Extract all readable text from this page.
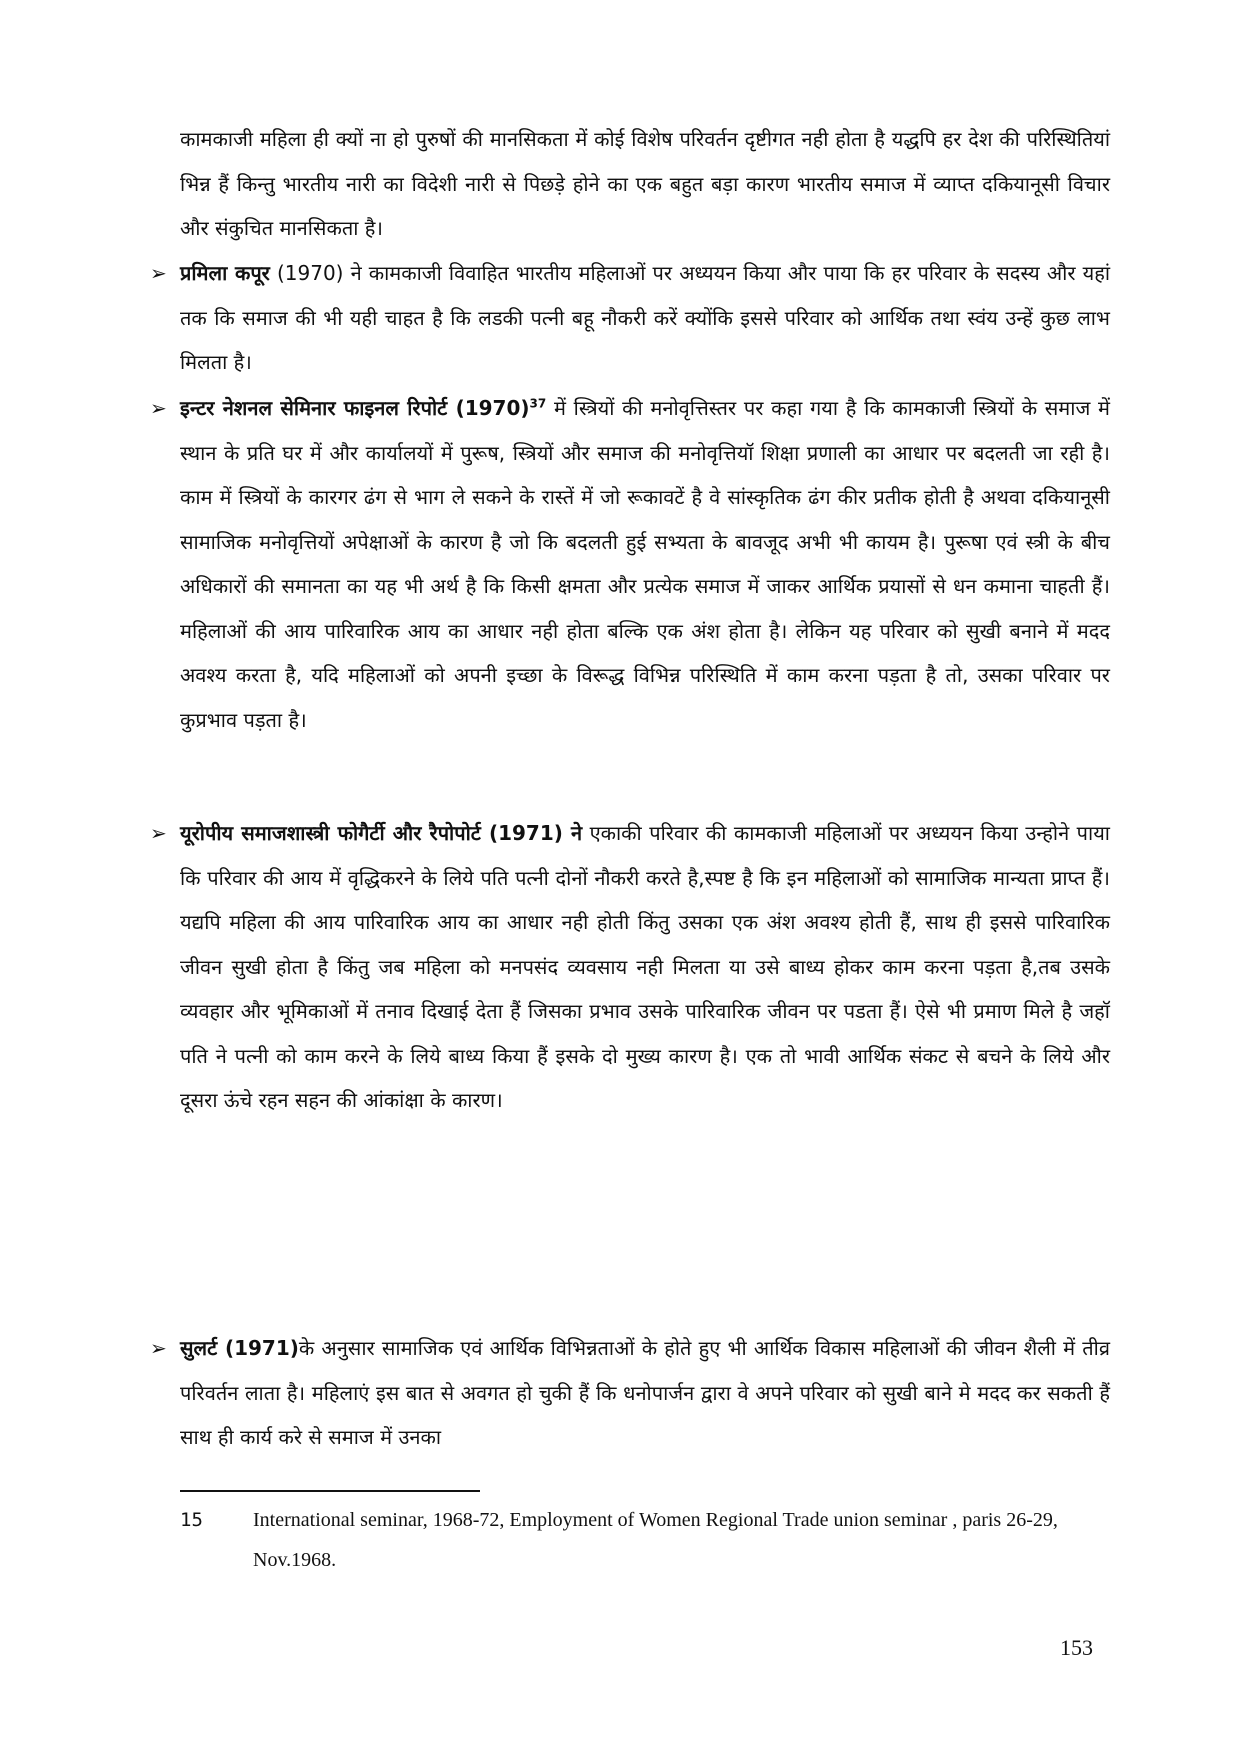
कामकाजी महिला ही क्यों ना हो पुरुषों की मानसिकता में कोई विशेष परिवर्तन दृष्टीगत नही होता है यद्धपि हर देश की परिस्थितियां भिन्न हैं किन्तु भारतीय नारी का विदेशी नारी से पिछड़े होने का एक बहुत बड़ा कारण भारतीय समाज में व्याप्त दकियानूसी विचार और संकुचित मानसिकता है।

➢ प्रमिला कपूर (1970) ने कामकाजी विवाहित भारतीय महिलाओं पर अध्ययन किया और पाया कि हर परिवार के सदस्य और यहां तक कि समाज की भी यही चाहत है कि लडकी पत्नी बहू नौकरी करें क्योंकि इससे परिवार को आर्थिक तथा स्वंय उन्हें कुछ लाभ मिलता है।

➢ इन्टर नेशनल सेमिनार फाइनल रिपोर्ट $(1970)^{37}$ में स्त्रियों की मनोवृत्तिस्तर पर कहा गया है कि कामकाजी स्त्रियों के समाज में स्थान के प्रति घर में और कार्यालयों में पुरूष, स्त्रियों और समाज की मनोवृत्तियॉ शिक्षा प्रणाली का आधार पर बदलती जा रही है। काम में स्त्रियों के कारगर ढंग से भाग ले सकने के रास्तें में जो रूकावटें है वे सांस्कृतिक ढंग कीर प्रतीक होती है अथवा दकियानूसी सामाजिक मनोवृत्तियों अपेक्षाओं के कारण है जो कि बदलती हुई सभ्यता के बावजूद अभी भी कायम है। पुरूषा एवं स्त्री के बीच अधिकारों की समानता का यह भी अर्थ है कि किसी क्षमता और प्रत्येक समाज में जाकर आर्थिक प्रयासों से धन कमाना चाहती हैं। महिलाओं की आय पारिवारिक आय का आधार नही होता बल्कि एक अंश होता है। लेकिन यह परिवार को सुखी बनाने में मदद अवश्य करता है, यदि महिलाओं को अपनी इच्छा के विरूद्ध विभिन्न परिस्थिति में काम करना पड़ता है तो, उसका परिवार पर कुप्रभाव पड़ता है।

➢ यूरोपीय समाजशास्त्री फोगैर्टी और रैपोपोर्ट (1971) ने एकाकी परिवार की कामकाजी महिलाओं पर अध्ययन किया उन्होने पाया कि परिवार की आय में वृद्धिकरने के लिये पति पत्नी दोनों नौकरी करते है,स्पष्ट है कि इन महिलाओं को सामाजिक मान्यता प्राप्त हैं। यद्यपि महिला की आय पारिवारिक आय का आधार नही होती किंतु उसका एक अंश अवश्य होती हैं, साथ ही इससे पारिवारिक जीवन सुखी होता है किंतु जब महिला को मनपसंद व्यवसाय नही मिलता या उसे बाध्य होकर काम करना पड़ता है,तब उसके व्यवहार और भूमिकाओं में तनाव दिखाई देता हैं जिसका प्रभाव उसके पारिवारिक जीवन पर पडता हैं। ऐसे भी प्रमाण मिले है जहॉ पति ने पत्नी को काम करने के लिये बाध्य किया हैं इसके दो मुख्य कारण है। एक तो भावी आर्थिक संकट से बचने के लिये और दूसरा ऊंचे रहन सहन की आंकांक्षा के कारण।

➢ सुलर्ट (1971)के अनुसार सामाजिक एवं आर्थिक विभिन्नताओं के होते हुए भी आर्थिक विकास महिलाओं की जीवन शैली में तीव्र परिवर्तन लाता है। महिलाएं इस बात से अवगत हो चुकी हैं कि धनोपार्जन द्वारा वे अपने परिवार को सुखी बाने मे मदद कर सकती हैं साथ ही कार्य करे से समाज में उनका

15	International seminar, 1968-72, Employment of Women Regional Trade union seminar , paris 26-29, Nov.1968.
153
